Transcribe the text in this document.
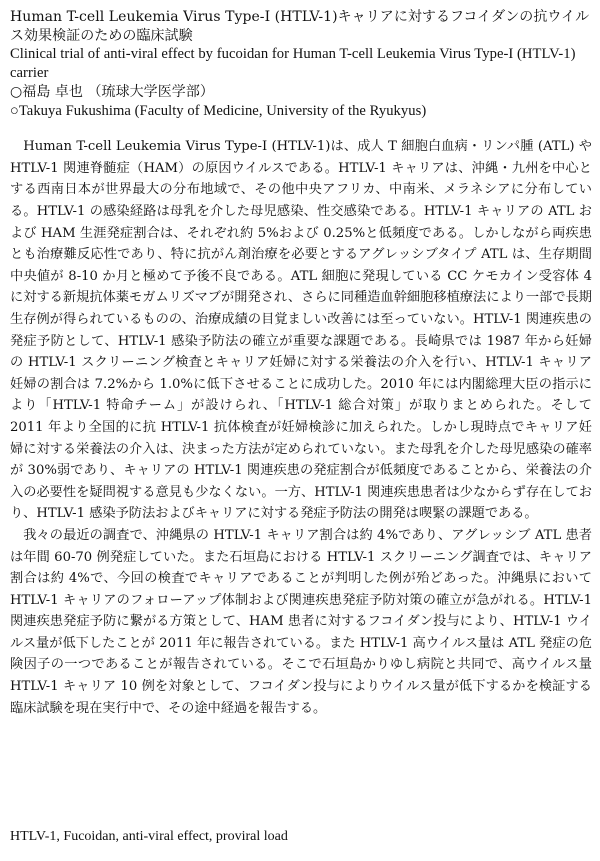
Human T-cell Leukemia Virus Type-I (HTLV-1)キャリアに対するフコイダンの抗ウイルス効果検証のための臨床試験

Clinical trial of anti-viral effect by fucoidan for Human T-cell Leukemia Virus Type-I (HTLV-1) carrier

○福島 卓也 （琉球大学医学部）

○Takuya Fukushima (Faculty of Medicine, University of the Ryukyus)

Human T-cell Leukemia Virus Type-I (HTLV-1)は、成人 T 細胞白血病・リンパ腫 (ATL) や HTLV-1 関連脊髄症（HAM）の原因ウイルスである。HTLV-1 キャリアは、沖縄・九州を中心とする西南日本が世界最大の分布地域で、その他中央アフリカ、中南米、メラネシアに分布している。HTLV-1 の感染経路は母乳を介した母児感染、性交感染である。HTLV-1 キャリアの ATL および HAM 生涯発症割合は、それぞれ約 5%および 0.25%と低頻度である。しかしながら両疾患とも治療難反応性であり、特に抗がん剤治療を必要とするアグレッシブタイプ ATL は、生存期間中央値が 8-10 か月と極めて予後不良である。ATL 細胞に発現している CC ケモカイン受容体 4 に対する新規抗体薬モガムリズマブが開発され、さらに同種造血幹細胞移植療法により一部で長期生存例が得られているものの、治療成績の目覚ましい改善には至っていない。HTLV-1 関連疾患の発症予防として、HTLV-1 感染予防法の確立が重要な課題である。長崎県では 1987 年から妊婦の HTLV-1 スクリーニング検査とキャリア妊婦に対する栄養法の介入を行い、HTLV-1 キャリア妊婦の割合は 7.2%から 1.0%に低下させることに成功した。2010 年には内閣総理大臣の指示により「HTLV-1 特命チーム」が設けられ、「HTLV-1 総合対策」が取りまとめられた。そして 2011 年より全国的に抗 HTLV-1 抗体検査が妊婦検診に加えられた。しかし現時点でキャリア妊婦に対する栄養法の介入は、決まった方法が定められていない。また母乳を介した母児感染の確率が 30%弱であり、キャリアの HTLV-1 関連疾患の発症割合が低頻度であることから、栄養法の介入の必要性を疑問視する意見も少なくない。一方、HTLV-1 関連疾患患者は少なからず存在しており、HTLV-1 感染予防法およびキャリアに対する発症予防法の開発は喫緊の課題である。

我々の最近の調査で、沖縄県の HTLV-1 キャリア割合は約 4%であり、アグレッシブ ATL 患者は年間 60-70 例発症していた。また石垣島における HTLV-1 スクリーニング調査では、キャリア割合は約 4%で、今回の検査でキャリアであることが判明した例が殆どあった。沖縄県において HTLV-1 キャリアのフォローアップ体制および関連疾患発症予防対策の確立が急がれる。HTLV-1 関連疾患発症予防に繋がる方策として、HAM 患者に対するフコイダン投与により、HTLV-1 ウイルス量が低下したことが 2011 年に報告されている。また HTLV-1 高ウイルス量は ATL 発症の危険因子の一つであることが報告されている。そこで石垣島かりゆし病院と共同で、高ウイルス量 HTLV-1 キャリア 10 例を対象として、フコイダン投与によりウイルス量が低下するかを検証する臨床試験を現在実行中で、その途中経過を報告する。

HTLV-1, Fucoidan, anti-viral effect, proviral load
